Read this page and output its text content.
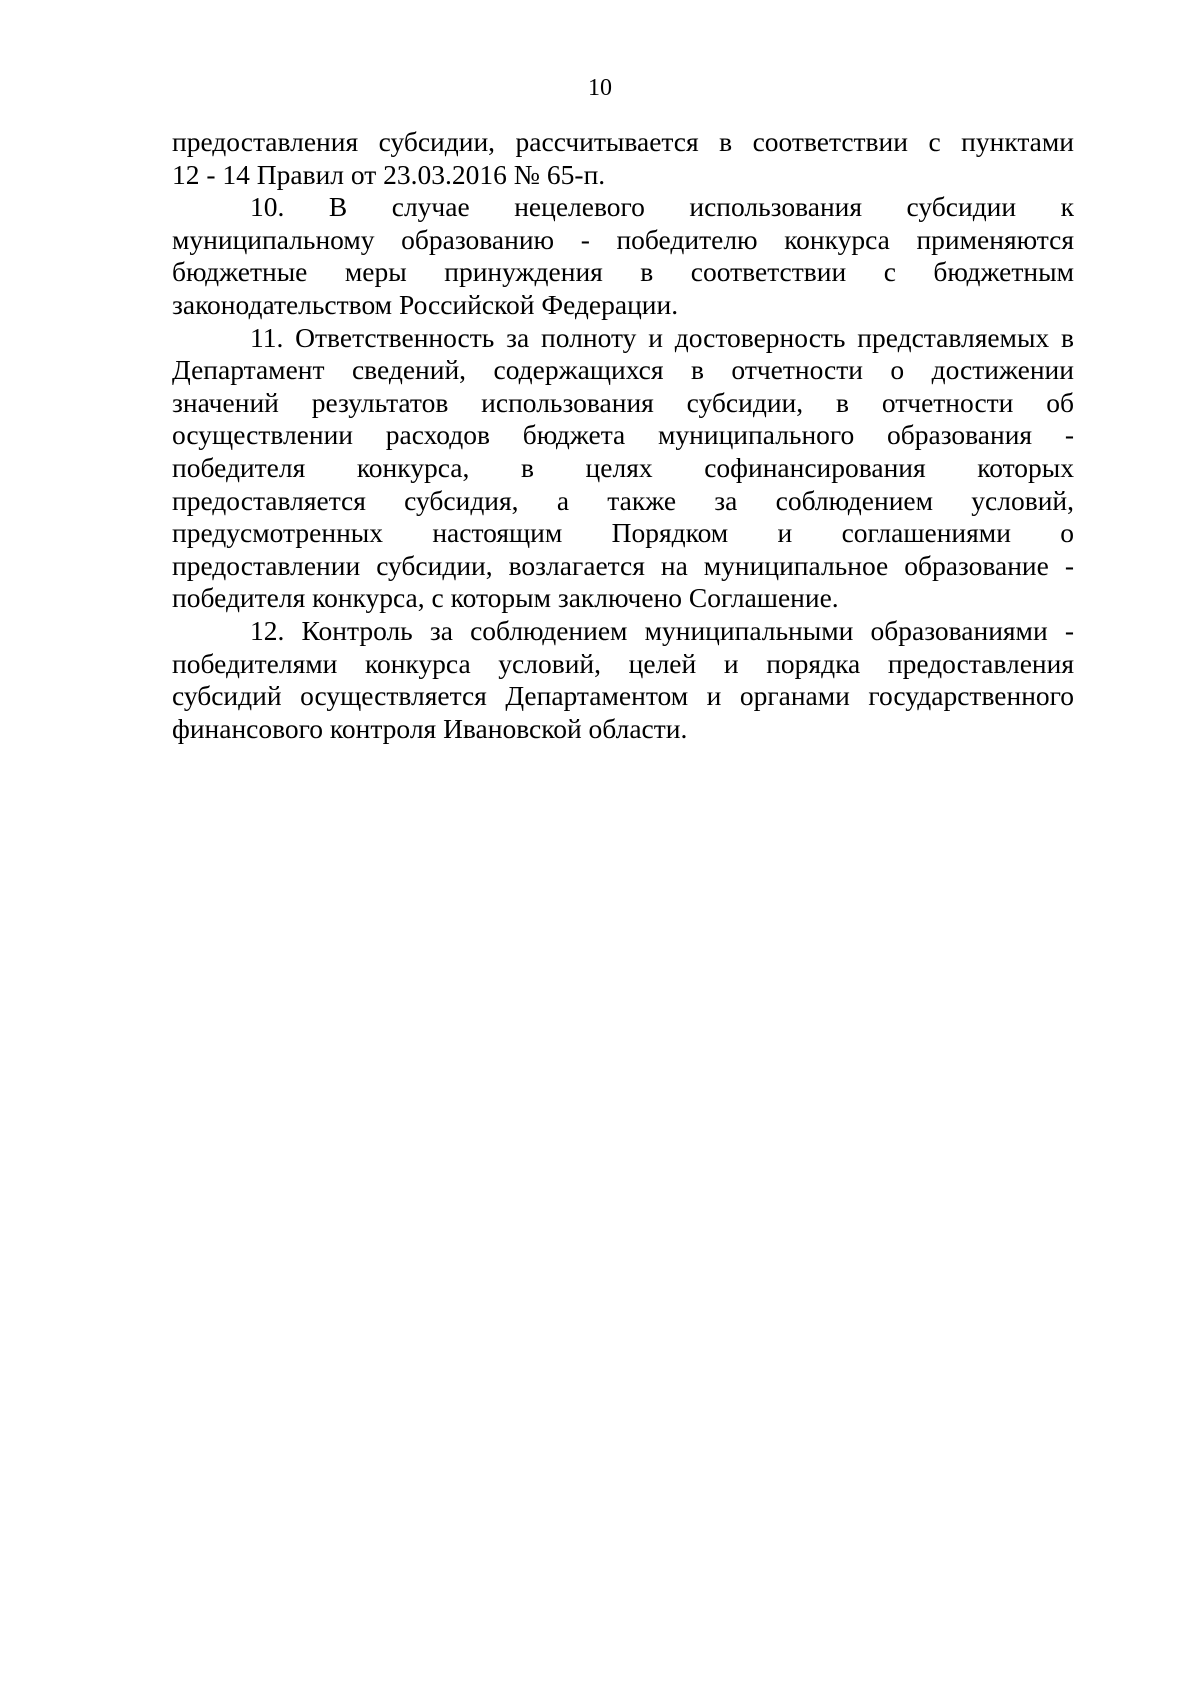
10
предоставления субсидии, рассчитывается в соответствии с пунктами
12 - 14 Правил от 23.03.2016 № 65-п.
10. В случае нецелевого использования субсидии к
муниципальному образованию - победителю конкурса применяются
бюджетные меры принуждения в соответствии с бюджетным
законодательством Российской Федерации.
11. Ответственность за полноту и достоверность представляемых в
Департамент сведений, содержащихся в отчетности о достижении
значений результатов использования субсидии, в отчетности об
осуществлении расходов бюджета муниципального образования -
победителя конкурса, в целях софинансирования которых
предоставляется субсидия, а также за соблюдением условий,
предусмотренных настоящим Порядком и соглашениями о
предоставлении субсидии, возлагается на муниципальное образование -
победителя конкурса, с которым заключено Соглашение.
12. Контроль за соблюдением муниципальными образованиями -
победителями конкурса условий, целей и порядка предоставления
субсидий осуществляется Департаментом и органами государственного
финансового контроля Ивановской области.
